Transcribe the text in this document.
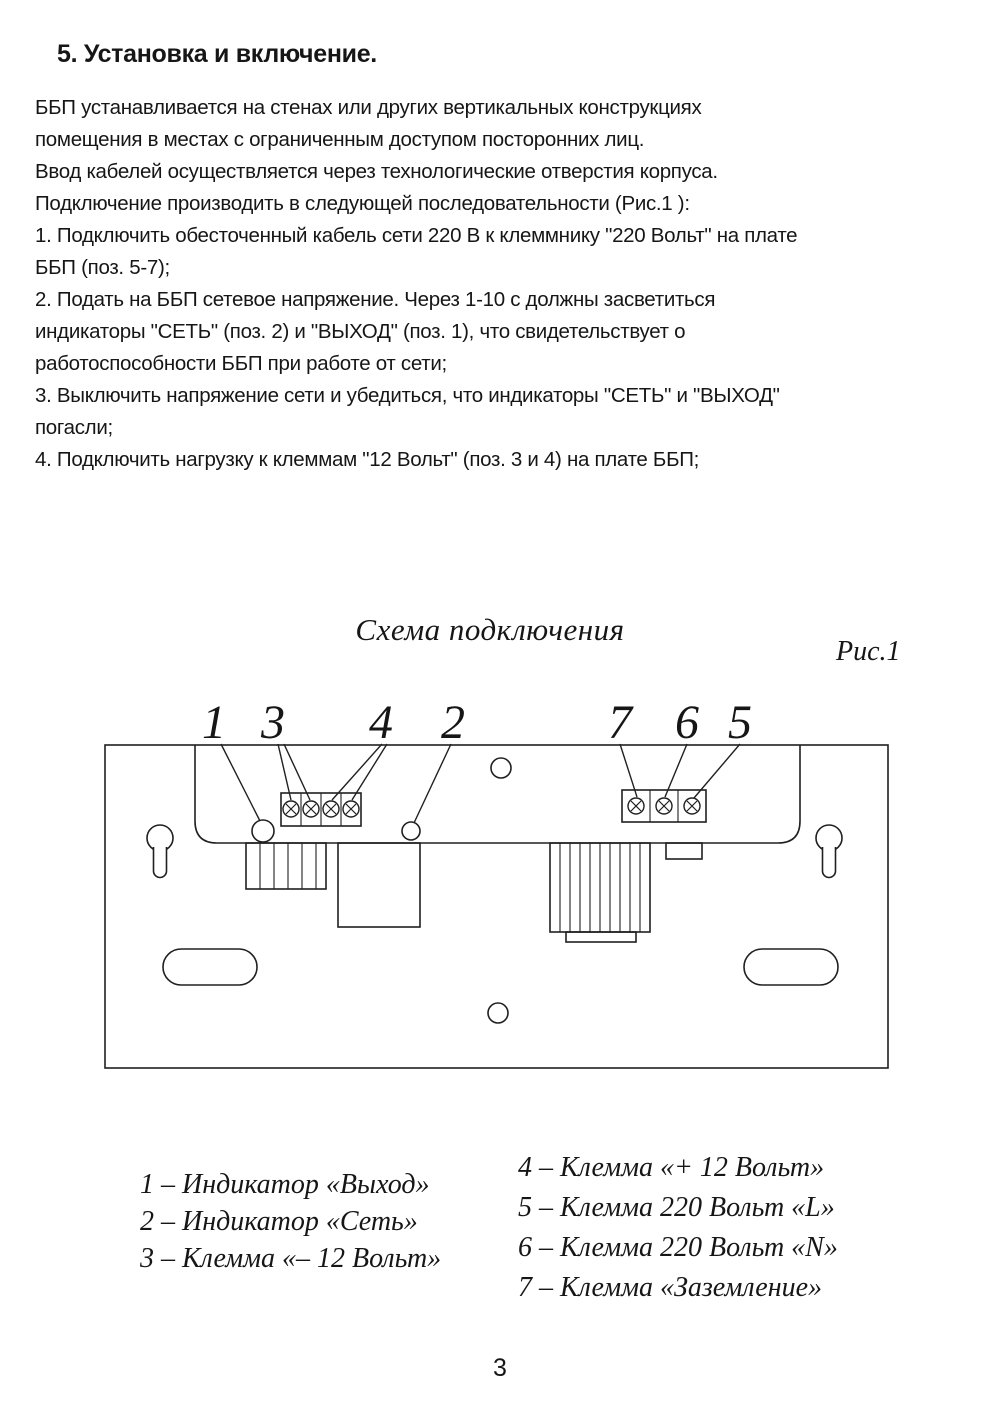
5. Установка и включение.
ББП устанавливается на стенах или других вертикальных конструкциях
помещения в местах с ограниченным доступом посторонних лиц.
Ввод кабелей осуществляется через технологические отверстия корпуса.
Подключение производить в следующей последовательности (Рис.1 ):
1. Подключить обесточенный кабель сети 220 В к клеммнику "220 Вольт" на плате
ББП (поз. 5-7);
2. Подать на ББП сетевое напряжение. Через 1-10 с должны засветиться
индикаторы "СЕТЬ" (поз. 2) и "ВЫХОД" (поз. 1), что свидетельствует о
работоспособности ББП при работе от сети;
3. Выключить напряжение сети и убедиться, что индикаторы "СЕТЬ" и "ВЫХОД"
погасли;
4. Подключить нагрузку к клеммам "12 Вольт" (поз. 3 и 4) на плате ББП;
Схема подключения
Рис.1
1 3 4 2	7 6 5
1 – Индикатор «Выход»
2 – Индикатор «Сеть»
3 – Клемма «– 12 Вольт»
4 – Клемма «+ 12 Вольт»
5 – Клемма 220 Вольт «L»
6 – Клемма 220 Вольт «N»
7 – Клемма «Заземление»
3
